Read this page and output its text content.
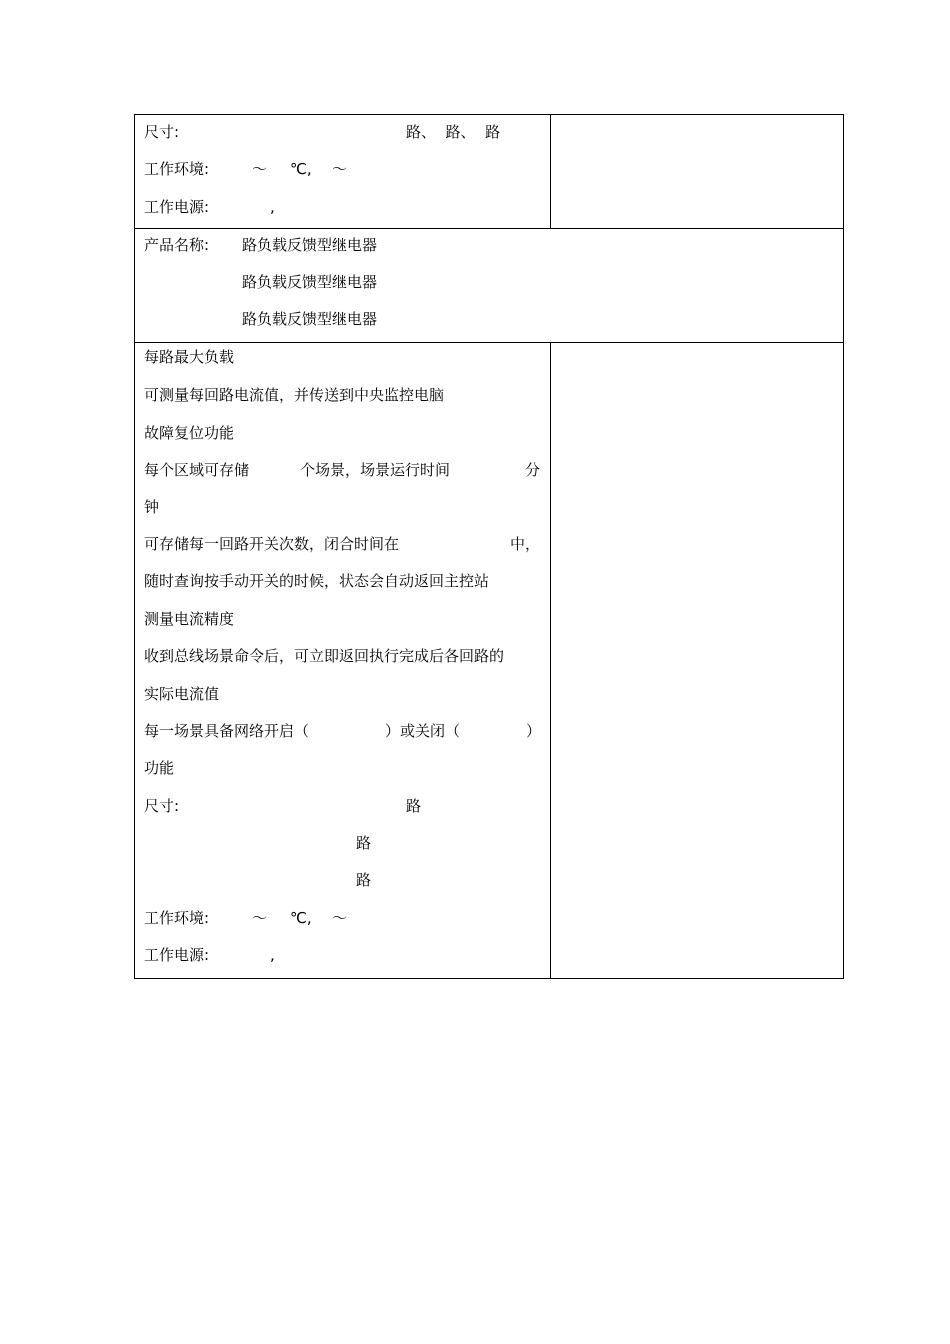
尺寸:	路、  路、  路
工作环境:	～ ℃, ～
工作电源:	,
产品名称: 路负载反馈型继电器
路负载反馈型继电器
路负载反馈型继电器
每路最大负载
可测量每回路电流值，并传送到中央监控电脑
故障复位功能
每个区域可存储	个场景，场景运行时间	分
钟
可存储每一回路开关次数，闭合时间在	中，
随时查询按手动开关的时候，状态会自动返回主控站
测量电流精度
收到总线场景命令后，可立即返回执行完成后各回路的
实际电流值
每一场景具备网络开启（	）或关闭（	）
功能
尺寸:	路
路
路
工作环境:	～ ℃, ～
工作电源:	,
